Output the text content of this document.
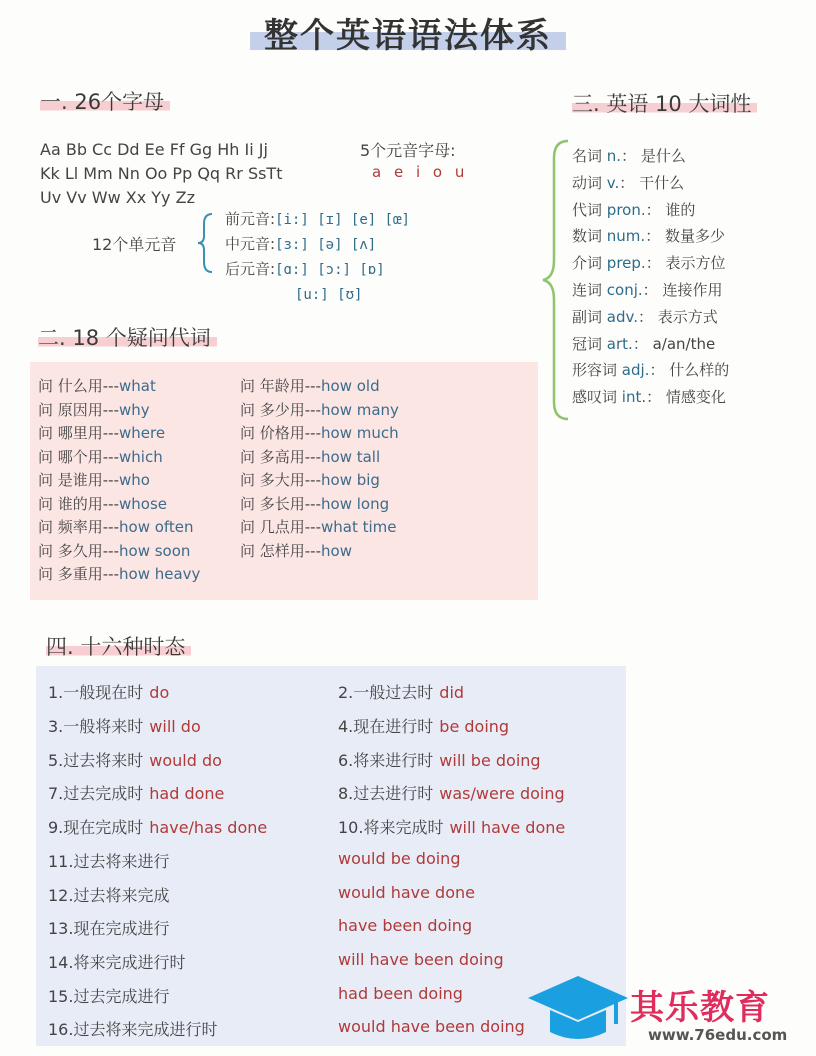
整个英语语法体系
一. 26个字母
Aa Bb Cc Dd Ee Ff Gg Hh Ii Jj
Kk Ll Mm Nn Oo Pp Qq Rr SsTt
Uv Vv Ww Xx Yy Zz
5个元音字母:
a e i o u
12个单元音
前元音:[i:] [ɪ] [e] [œ]
中元音:[ɜ:] [ə] [ʌ]
后元音:[ɑ:] [ɔ:] [ɒ]
[u:] [ʊ]
三. 英语 10 大词性
名词 n.： 是什么
动词 v.： 干什么
代词 pron.： 谁的
数词 num.： 数量多少
介词 prep.： 表示方位
连词 conj.： 连接作用
副词 adv.： 表示方式
冠词 art.： a/an/the
形容词 adj.： 什么样的
感叹词 int.： 情感变化
二. 18 个疑问代词
问 什么用---what
问 原因用---why
问 哪里用---where
问 哪个用---which
问 是谁用---who
问 谁的用---whose
问 频率用---how often
问 多久用---how soon
问 多重用---how heavy
问 年龄用---how old
问 多少用---how many
问 价格用---how much
问 多高用---how tall
问 多大用---how big
问 多长用---how long
问 几点用---what time
问 怎样用---how
四. 十六种时态
1.一般现在时 do	2.一般过去时 did
3.一般将来时 will do	4.现在进行时 be doing
5.过去将来时 would do	6.将来进行时 will be doing
7.过去完成时 had done	8.过去进行时 was/were doing
9.现在完成时 have/has done	10.将来完成时 will have done
11.过去将来进行	would be doing
12.过去将来完成	would have done
13.现在完成进行	have been doing
14.将来完成进行时	will have been doing
15.过去完成进行	had been doing
16.过去将来完成进行时	would have been doing	其乐教育
www.76edu.com
